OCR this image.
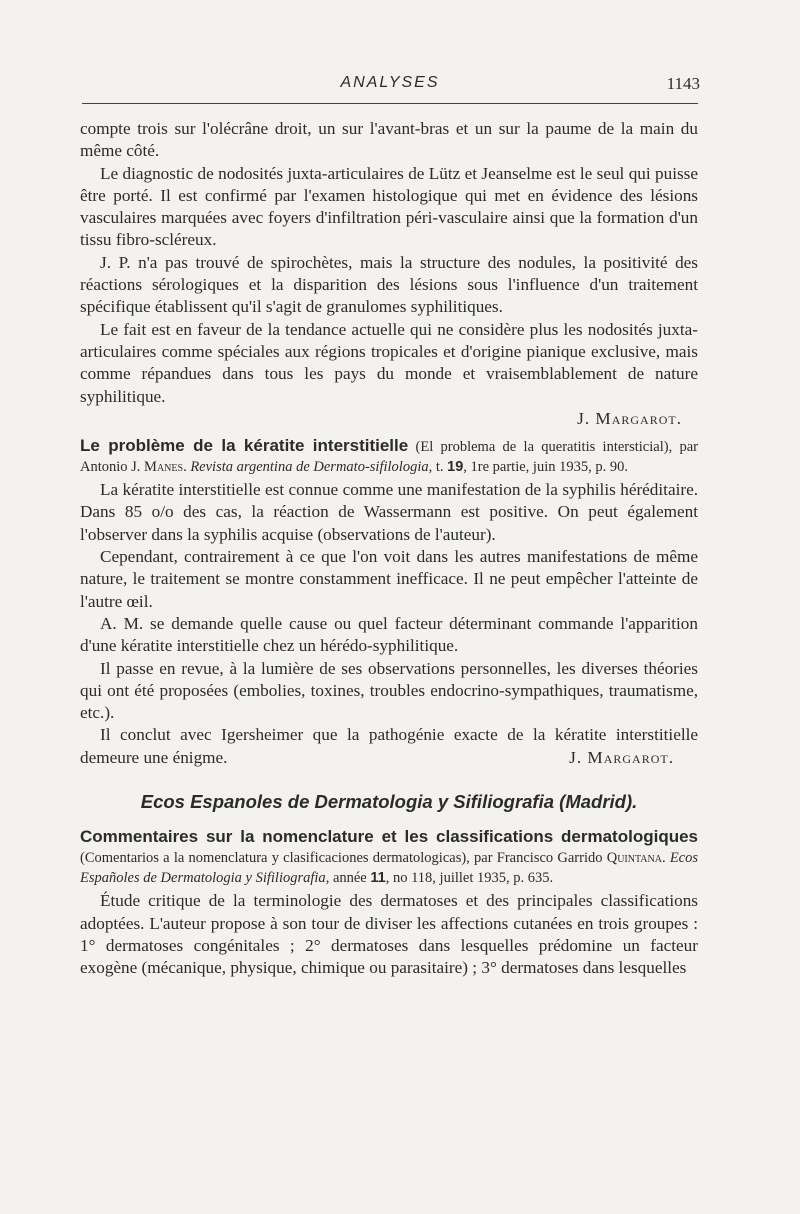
ANALYSES	1143

compte trois sur l'olécrâne droit, un sur l'avant-bras et un sur la paume de la main du même côté.

Le diagnostic de nodosités juxta-articulaires de Lütz et Jeanselme est le seul qui puisse être porté. Il est confirmé par l'examen histologique qui met en évidence des lésions vasculaires marquées avec foyers d'infiltration péri-vasculaire ainsi que la formation d'un tissu fibro-scléreux.

J. P. n'a pas trouvé de spirochètes, mais la structure des nodules, la positivité des réactions sérologiques et la disparition des lésions sous l'influence d'un traitement spécifique établissent qu'il s'agit de granulomes syphilitiques.

Le fait est en faveur de la tendance actuelle qui ne considère plus les nodosités juxta-articulaires comme spéciales aux régions tropicales et d'origine pianique exclusive, mais comme répandues dans tous les pays du monde et vraisemblablement de nature syphilitique.

J. Margarot.

Le problème de la kératite interstitielle (El problema de la queratitis intersticial), par Antonio J. Manes. Revista argentina de Dermato-sifilologia, t. 19, 1re partie, juin 1935, p. 90.

La kératite interstitielle est connue comme une manifestation de la syphilis héréditaire. Dans 85 o/o des cas, la réaction de Wassermann est positive. On peut également l'observer dans la syphilis acquise (observations de l'auteur).

Cependant, contrairement à ce que l'on voit dans les autres manifestations de même nature, le traitement se montre constamment inefficace. Il ne peut empêcher l'atteinte de l'autre œil.

A. M. se demande quelle cause ou quel facteur déterminant commande l'apparition d'une kératite interstitielle chez un hérédo-syphilitique.

Il passe en revue, à la lumière de ses observations personnelles, les diverses théories qui ont été proposées (embolies, toxines, troubles endocrino-sympathiques, traumatisme, etc.).

Il conclut avec Igersheimer que la pathogénie exacte de la kératite interstitielle demeure une énigme.	J. Margarot.

Ecos Espanoles de Dermatologia y Sifiliografia (Madrid).

Commentaires sur la nomenclature et les classifications dermatologiques (Comentarios a la nomenclatura y clasificaciones dermatologicas), par Francisco Garrido Quintana. Ecos Españoles de Dermatologia y Sifiliografia, année 11, no 118, juillet 1935, p. 635.

Étude critique de la terminologie des dermatoses et des principales classifications adoptées. L'auteur propose à son tour de diviser les affections cutanées en trois groupes : 1° dermatoses congénitales ; 2° dermatoses dans lesquelles prédomine un facteur exogène (mécanique, physique, chimique ou parasitaire) ; 3° dermatoses dans lesquelles
